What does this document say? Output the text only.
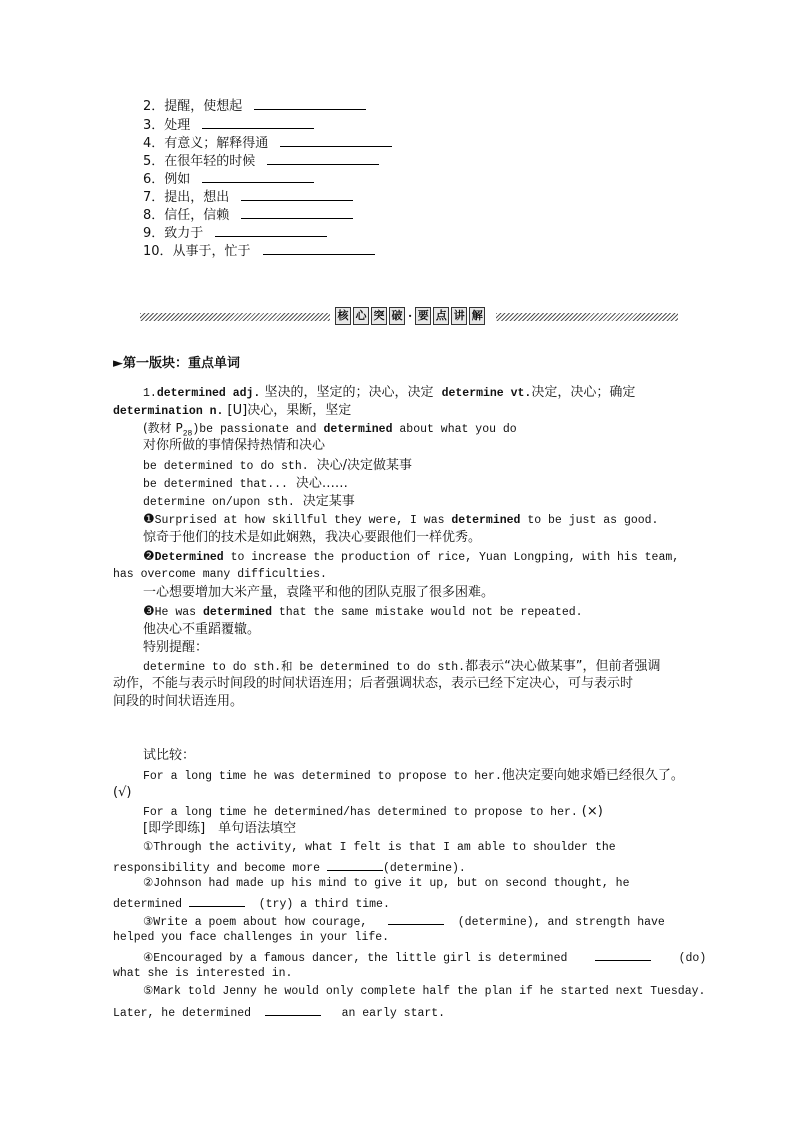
2．提醒，使想起
3．处理
4．有意义；解释得通
5．在很年轻的时候
6．例如
7．提出，想出
8．信任，信赖
9．致力于
10．从事于，忙于
核 心 突 破 · 要 点 讲 解
►第一版块：重点单词
1.determined adj. 坚决的，坚定的；决心，决定  determine vt.决定，决心；确定
determination n. [U]决心，果断，坚定
(教材 $P_{28})be$ passionate and determined about what you do
对你所做的事情保持热情和决心
be determined to do sth. 决心/决定做某事
be determined that... 决心……
determine on/upon sth. 决定某事
❶Surprised at how skillful they were, I was determined to be just as good.
惊奇于他们的技术是如此娴熟，我决心要跟他们一样优秀。
❷Determined to increase the production of rice, Yuan Longping, with his team,
has overcome many difficulties.
一心想要增加大米产量，袁隆平和他的团队克服了很多困难。
❸He was determined that the same mistake would not be repeated.
他决心不重蹈覆辙。
特别提醒：
determine to do sth.和 be determined to do sth.都表示“决心做某事”，但前者强调
动作，不能与表示时间段的时间状语连用；后者强调状态，表示已经下定决心，可与表示时
间段的时间状语连用。
试比较：
For a long time he was determined to propose to her.他决定要向她求婚已经很久了。
(√)
For a long time he determined/has determined to propose to her. (×)
[即学即练]　单句语法填空
①Through the activity, what I felt is that I am able to shoulder the
responsibility and become more	(determine).
②Johnson had made up his mind to give it up, but on second thought, he
determined	(try) a third time.
③Write a poem about how courage,	(determine), and strength have
helped you face challenges in your life.
④Encouraged by a famous dancer, the little girl is determined	(do)
what she is interested in.
⑤Mark told Jenny he would only complete half the plan if he started next Tuesday.
Later, he determined	an early start.
